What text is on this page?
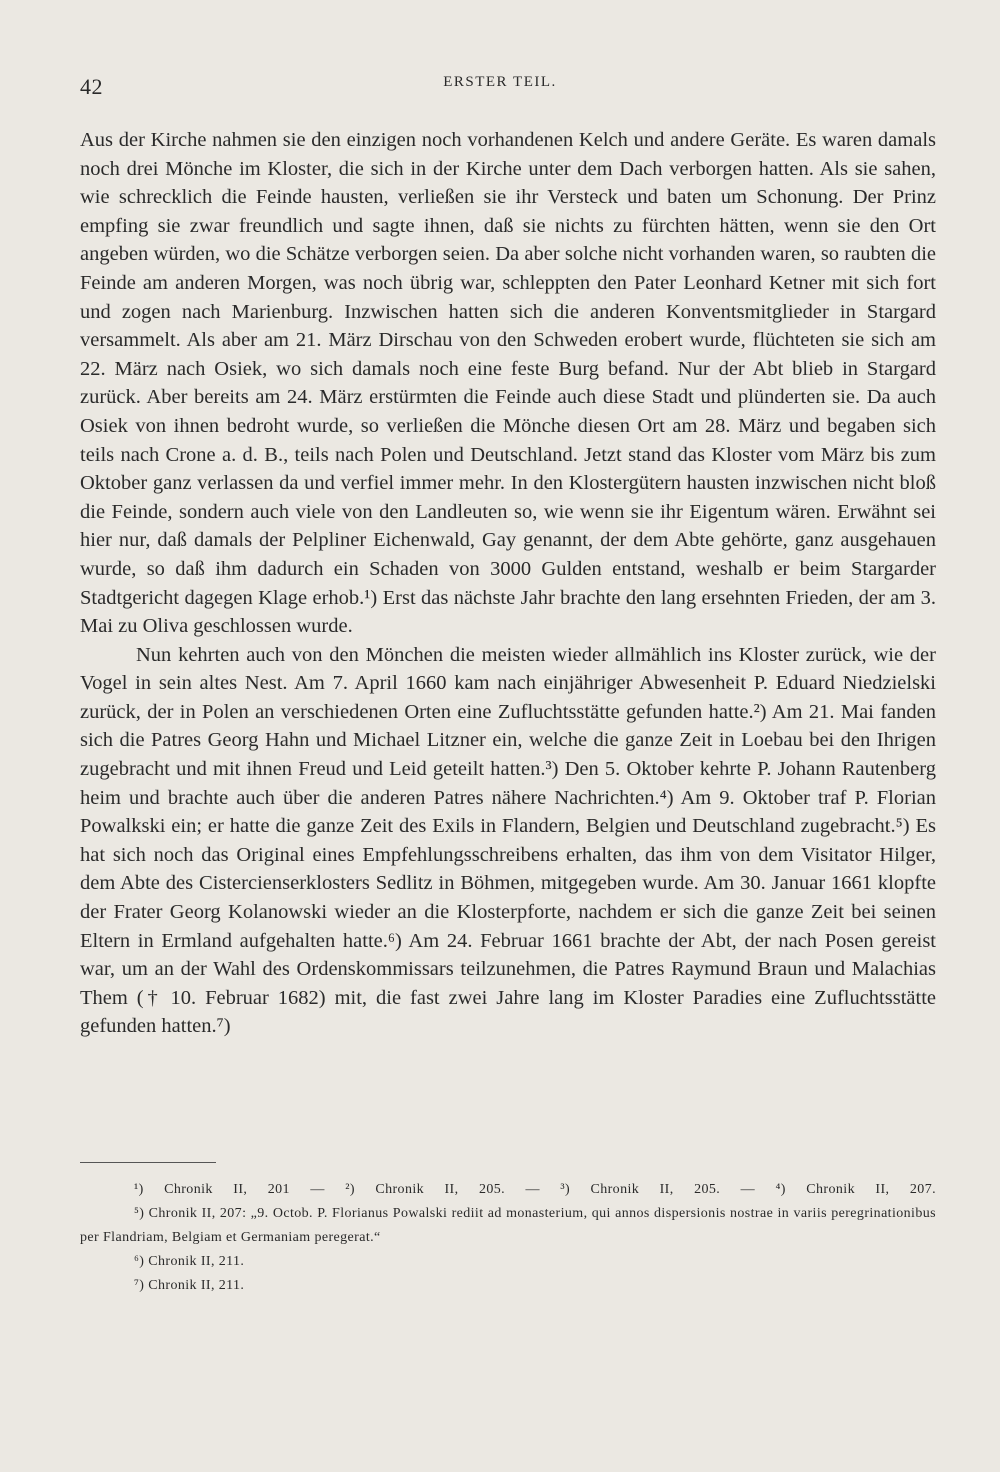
42	ERSTER TEIL.

Aus der Kirche nahmen sie den einzigen noch vorhandenen Kelch und andere Geräte. Es waren damals noch drei Mönche im Kloster, die sich in der Kirche unter dem Dach verborgen hatten. Als sie sahen, wie schrecklich die Feinde hausten, verließen sie ihr Versteck und baten um Schonung. Der Prinz empfing sie zwar freundlich und sagte ihnen, daß sie nichts zu fürchten hätten, wenn sie den Ort angeben würden, wo die Schätze verborgen seien. Da aber solche nicht vorhanden waren, so raubten die Feinde am anderen Morgen, was noch übrig war, schleppten den Pater Leonhard Ketner mit sich fort und zogen nach Marienburg. Inzwischen hatten sich die anderen Konventsmitglieder in Stargard versammelt. Als aber am 21. März Dirschau von den Schweden erobert wurde, flüchteten sie sich am 22. März nach Osiek, wo sich damals noch eine feste Burg befand. Nur der Abt blieb in Stargard zurück. Aber bereits am 24. März erstürmten die Feinde auch diese Stadt und plünderten sie. Da auch Osiek von ihnen bedroht wurde, so verließen die Mönche diesen Ort am 28. März und begaben sich teils nach Crone a. d. B., teils nach Polen und Deutschland. Jetzt stand das Kloster vom März bis zum Oktober ganz verlassen da und verfiel immer mehr. In den Klostergütern hausten inzwischen nicht bloß die Feinde, sondern auch viele von den Landleuten so, wie wenn sie ihr Eigentum wären. Erwähnt sei hier nur, daß damals der Pelpliner Eichenwald, Gay genannt, der dem Abte gehörte, ganz ausgehauen wurde, so daß ihm dadurch ein Schaden von 3000 Gulden entstand, weshalb er beim Stargarder Stadtgericht dagegen Klage erhob.¹) Erst das nächste Jahr brachte den lang ersehnten Frieden, der am 3. Mai zu Oliva geschlossen wurde.

Nun kehrten auch von den Mönchen die meisten wieder allmählich ins Kloster zurück, wie der Vogel in sein altes Nest. Am 7. April 1660 kam nach einjähriger Abwesenheit P. Eduard Niedzielski zurück, der in Polen an verschiedenen Orten eine Zufluchtsstätte gefunden hatte.²) Am 21. Mai fanden sich die Patres Georg Hahn und Michael Litzner ein, welche die ganze Zeit in Loebau bei den Ihrigen zugebracht und mit ihnen Freud und Leid geteilt hatten.³) Den 5. Oktober kehrte P. Johann Rautenberg heim und brachte auch über die anderen Patres nähere Nachrichten.⁴) Am 9. Oktober traf P. Florian Powalkski ein; er hatte die ganze Zeit des Exils in Flandern, Belgien und Deutschland zugebracht.⁵) Es hat sich noch das Original eines Empfehlungsschreibens erhalten, das ihm von dem Visitator Hilger, dem Abte des Cistercienserklosters Sedlitz in Böhmen, mitgegeben wurde. Am 30. Januar 1661 klopfte der Frater Georg Kolanowski wieder an die Klosterpforte, nachdem er sich die ganze Zeit bei seinen Eltern in Ermland aufgehalten hatte.⁶) Am 24. Februar 1661 brachte der Abt, der nach Posen gereist war, um an der Wahl des Ordenskommissars teilzunehmen, die Patres Raymund Braun und Malachias Them († 10. Februar 1682) mit, die fast zwei Jahre lang im Kloster Paradies eine Zufluchtsstätte gefunden hatten.⁷)

¹) Chronik II, 201 — ²) Chronik II, 205. — ³) Chronik II, 205. — ⁴) Chronik II, 207.

⁵) Chronik II, 207: „9. Octob. P. Florianus Powalski rediit ad monasterium, qui annos dispersionis nostrae in variis peregrinationibus per Flandriam, Belgiam et Germaniam peregerat.“

⁶) Chronik II, 211.

⁷) Chronik II, 211.
